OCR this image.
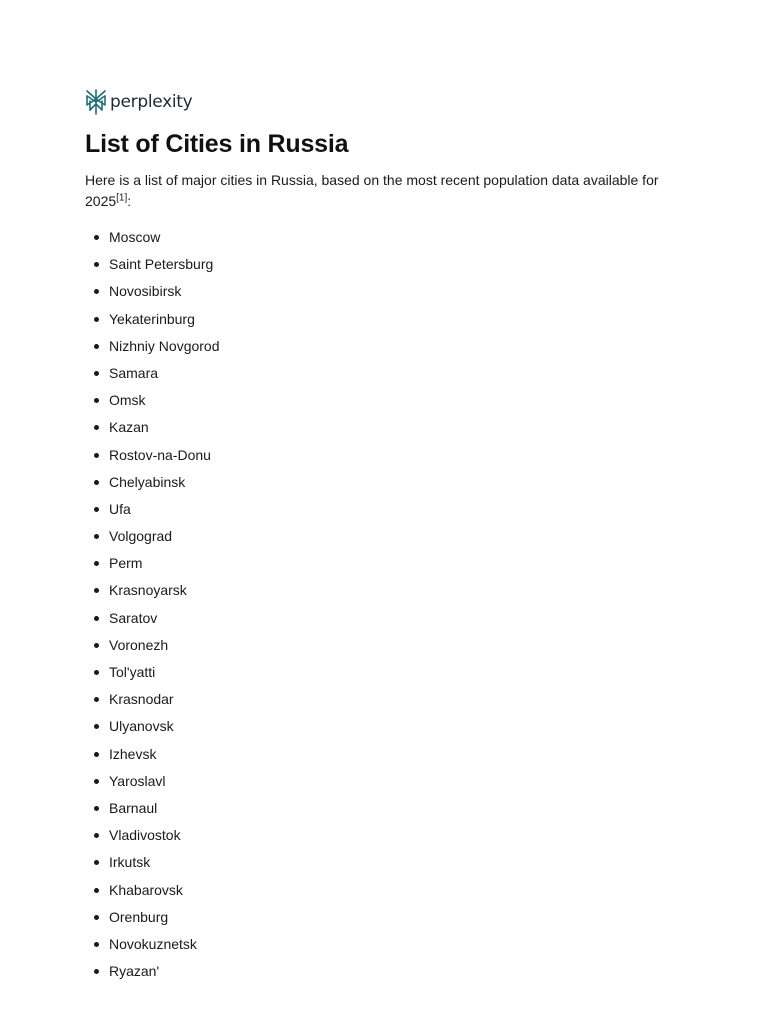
perplexity
List of Cities in Russia

Here is a list of major cities in Russia, based on the most recent population data available for 2025[1]:

Moscow
Saint Petersburg
Novosibirsk
Yekaterinburg
Nizhniy Novgorod
Samara
Omsk
Kazan
Rostov-na-Donu
Chelyabinsk
Ufa
Volgograd
Perm
Krasnoyarsk
Saratov
Voronezh
Tol'yatti
Krasnodar
Ulyanovsk
Izhevsk
Yaroslavl
Barnaul
Vladivostok
Irkutsk
Khabarovsk
Orenburg
Novokuznetsk
Ryazan'
